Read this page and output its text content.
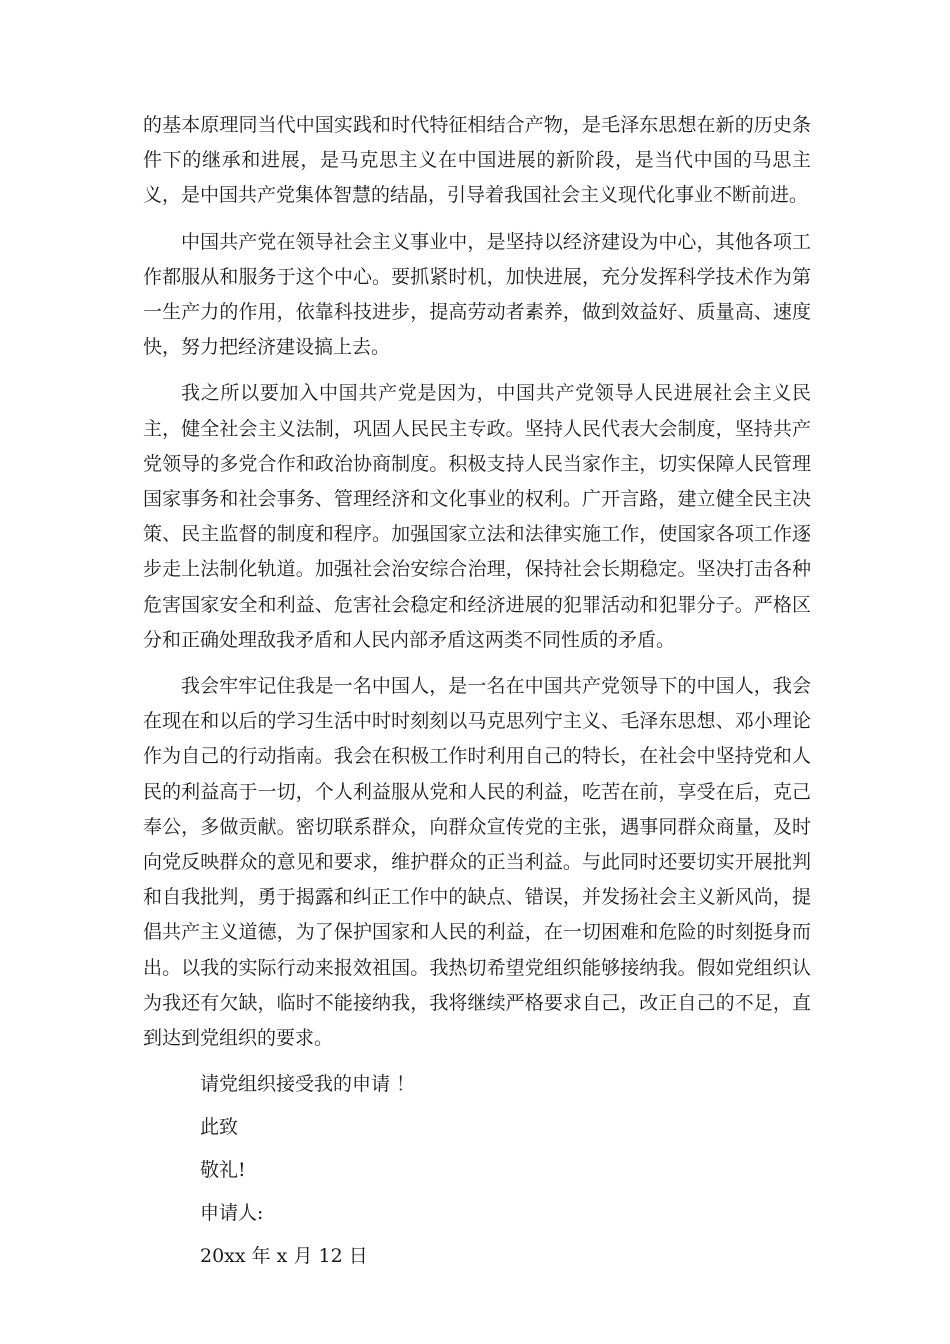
的基本原理同当代中国实践和时代特征相结合产物，是毛泽东思想在新的历史条件下的继承和进展，是马克思主义在中国进展的新阶段，是当代中国的马思主义，是中国共产党集体智慧的结晶，引导着我国社会主义现代化事业不断前进。

中国共产党在领导社会主义事业中，是坚持以经济建设为中心，其他各项工作都服从和服务于这个中心。要抓紧时机，加快进展，充分发挥科学技术作为第一生产力的作用，依靠科技进步，提高劳动者素养，做到效益好、质量高、速度快，努力把经济建设搞上去。

我之所以要加入中国共产党是因为，中国共产党领导人民进展社会主义民主，健全社会主义法制，巩固人民民主专政。坚持人民代表大会制度，坚持共产党领导的多党合作和政治协商制度。积极支持人民当家作主，切实保障人民管理国家事务和社会事务、管理经济和文化事业的权利。广开言路，建立健全民主决策、民主监督的制度和程序。加强国家立法和法律实施工作，使国家各项工作逐步走上法制化轨道。加强社会治安综合治理，保持社会长期稳定。坚决打击各种危害国家安全和利益、危害社会稳定和经济进展的犯罪活动和犯罪分子。严格区分和正确处理敌我矛盾和人民内部矛盾这两类不同性质的矛盾。

我会牢牢记住我是一名中国人，是一名在中国共产党领导下的中国人，我会在现在和以后的学习生活中时时刻刻以马克思列宁主义、毛泽东思想、邓小理论作为自己的行动指南。我会在积极工作时利用自己的特长，在社会中坚持党和人民的利益高于一切，个人利益服从党和人民的利益，吃苦在前，享受在后，克己奉公，多做贡献。密切联系群众，向群众宣传党的主张，遇事同群众商量，及时向党反映群众的意见和要求，维护群众的正当利益。与此同时还要切实开展批判和自我批判，勇于揭露和纠正工作中的缺点、错误，并发扬社会主义新风尚，提倡共产主义道德，为了保护国家和人民的利益，在一切困难和危险的时刻挺身而出。以我的实际行动来报效祖国。我热切希望党组织能够接纳我。假如党组织认为我还有欠缺，临时不能接纳我，我将继续严格要求自己，改正自己的不足，直到达到党组织的要求。

请党组织接受我的申请 ！

此致

敬礼!

申请人:

20xx 年 x 月 12 日
